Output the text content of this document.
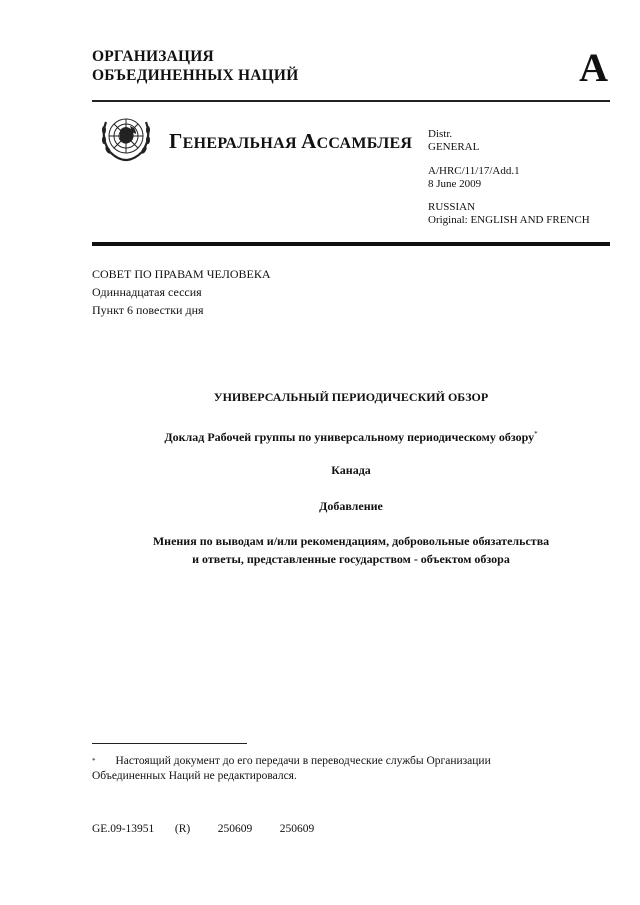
ОРГАНИЗАЦИЯ
ОБЪЕДИНЕННЫХ НАЦИЙ	A
ГЕНЕРАЛЬНАЯ АССАМБЛЕЯ
Distr.
GENERAL
A/HRC/11/17/Add.1
8 June 2009
RUSSIAN
Original: ENGLISH AND FRENCH
СОВЕТ ПО ПРАВАМ ЧЕЛОВЕКА
Одиннадцатая сессия
Пункт 6 повестки дня
УНИВЕРСАЛЬНЫЙ ПЕРИОДИЧЕСКИЙ ОБЗОР
Доклад Рабочей группы по универсальному периодическому обзору*
Канада
Добавление
Мнения по выводам и/или рекомендациям, добровольные обязательства
и ответы, представленные государством - объектом обзора
* Настоящий документ до его передачи в переводческие службы Организации Объединенных Наций не редактировался.
GE.09-13951   (R)    250609    250609
